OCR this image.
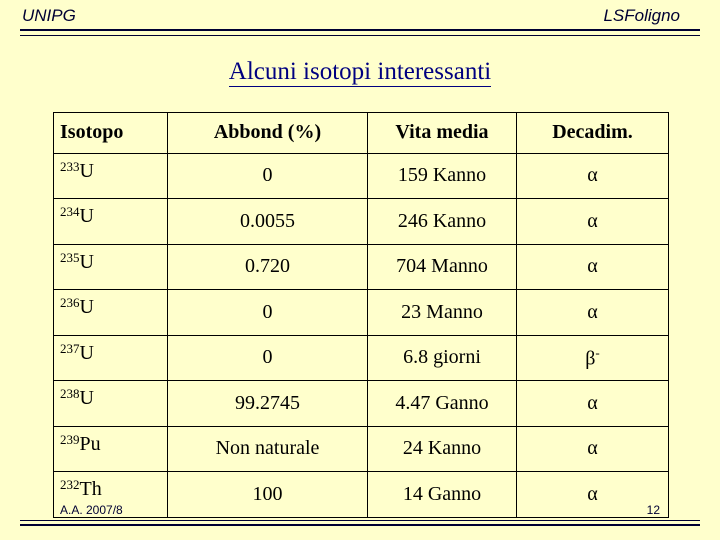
UNIPG	LSFoligno
Alcuni isotopi interessanti
Isotopo	Abbond (%)	Vita media	Decadim.
$^{233}$U	0	159 Kanno	α
$^{234}$U	0.0055	246 Kanno	α
$^{235}$U	0.720	704 Manno	α
$^{236}$U	0	23 Manno	α
$^{237}$U	0	6.8 giorni	β-
$^{238}$U	99.2745	4.47 Ganno	α
$^{239}$Pu	Non naturale	24 Kanno	α
$^{232}$Th	100	14 Ganno	α
A.A. 2007/8	12
